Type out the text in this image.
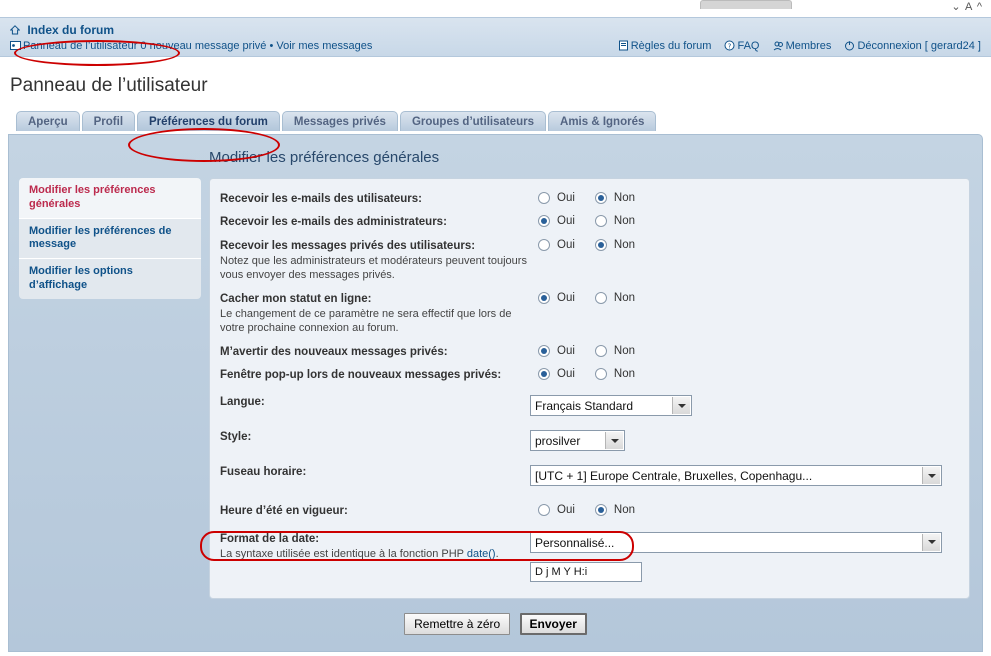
⌄ A ^
Index du forum
Panneau de l’utilisateur 0 nouveau message privé • Voir mes messages	Règles du forum ? FAQ Membres Déconnexion [ gerard24 ]
Panneau de l’utilisateur
Aperçu Profil Préférences du forum Messages privés Groupes d’utilisateurs Amis & Ignorés
Modifier les préférences générales
Modifier les préférences générales
Modifier les préférences de message
Modifier les options d’affichage
Recevoir les e-mails des utilisateurs:	Oui	Non
Recevoir les e-mails des administrateurs:	Oui	Non
Recevoir les messages privés des utilisateurs:
Notez que les administrateurs et modérateurs peuvent toujours vous envoyer des messages privés.
Oui	Non
Cacher mon statut en ligne:
Le changement de ce paramètre ne sera effectif que lors de votre prochaine connexion au forum.
Oui	Non
M’avertir des nouveaux messages privés:	Oui	Non
Fenêtre pop-up lors de nouveaux messages privés:	Oui	Non
Langue:	Français Standard
Style:	prosilver
Fuseau horaire:	[UTC + 1] Europe Centrale, Bruxelles, Copenhagu...
Heure d’été en vigueur:	Oui	Non
Format de la date:
La syntaxe utilisée est identique à la fonction PHP date().
Personnalisé...
D j M Y H:i
Remettre à zéro Envoyer
